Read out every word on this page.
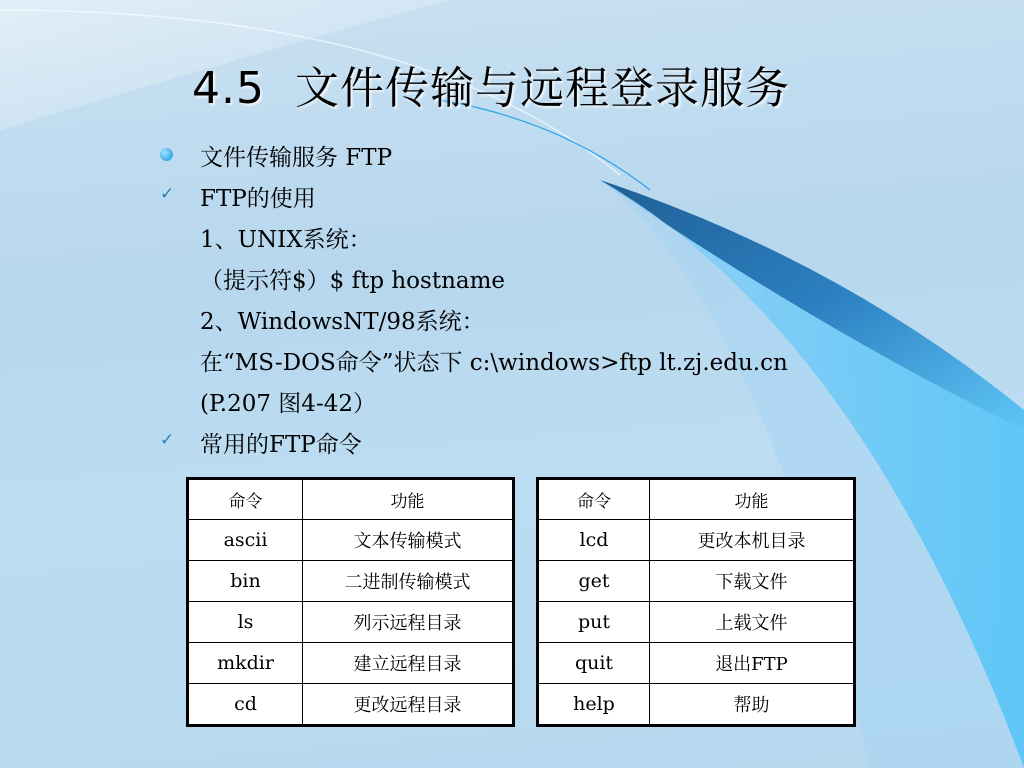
4.5 文件传输与远程登录服务
文件传输服务 FTP
✓ FTP的使用
1、UNIX系统：
（提示符$）$ ftp hostname
2、WindowsNT/98系统：
在“MS-DOS命令”状态下 c:\windows>ftp lt.zj.edu.cn
(P.207 图4-42）
✓ 常用的FTP命令
命令	功能
ascii	文本传输模式
bin	二进制传输模式
ls	列示远程目录
mkdir	建立远程目录
cd	更改远程目录
命令	功能
lcd	更改本机目录
get	下载文件
put	上载文件
quit	退出FTP
help	帮助
